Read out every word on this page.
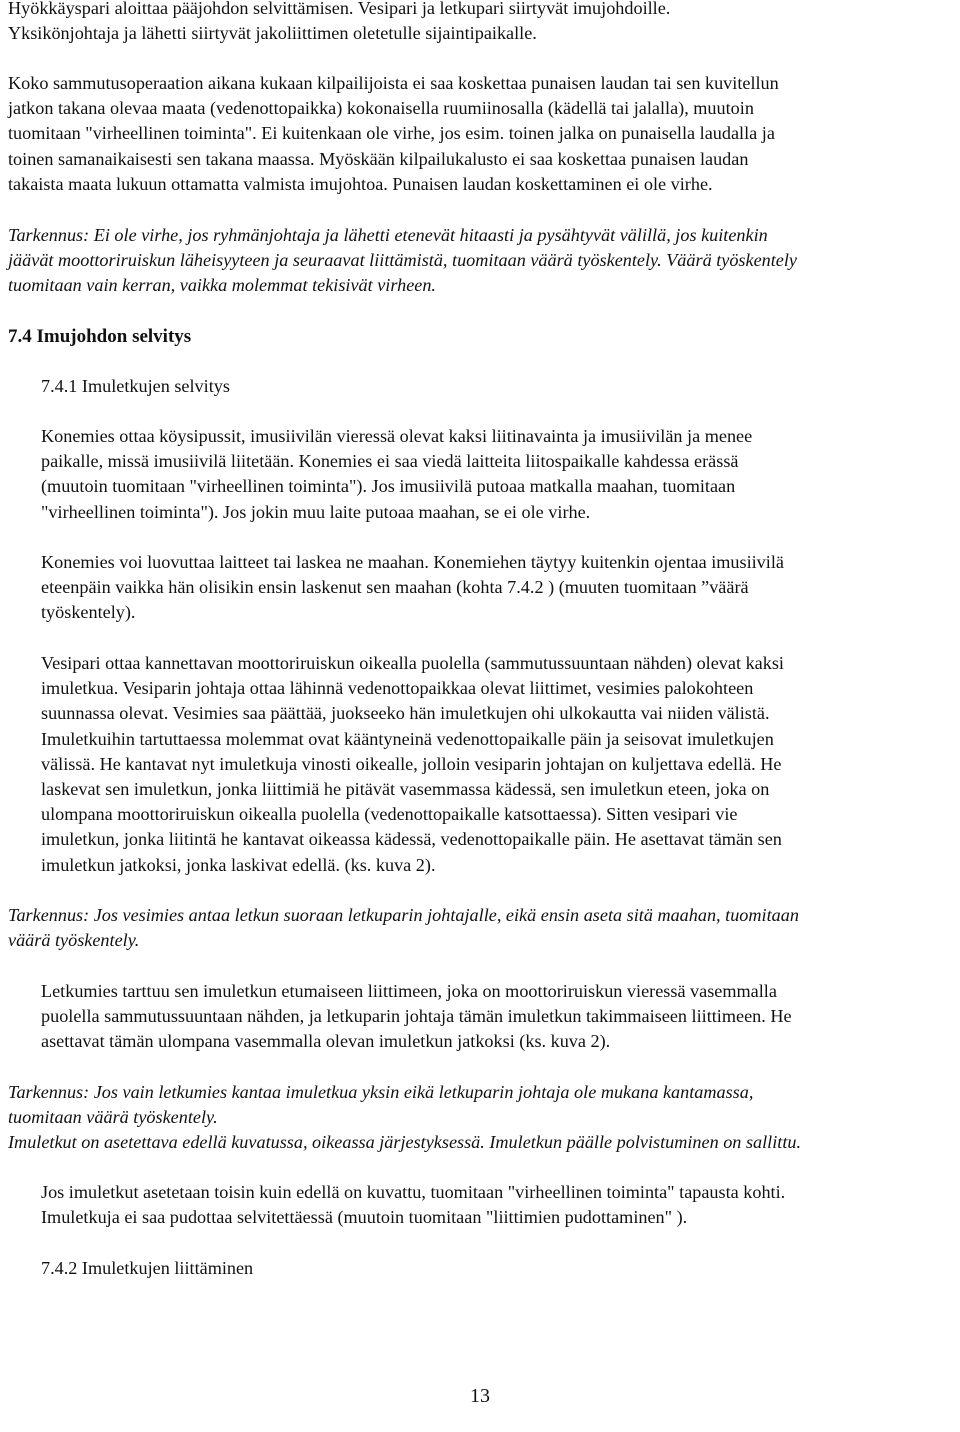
Hyökkäyspari aloittaa pääjohdon selvittämisen. Vesipari ja letkupari siirtyvät imujohdoille.
Yksikönjohtaja ja lähetti siirtyvät jakoliittimen oletetulle sijaintipaikalle.
Koko sammutusoperaation aikana kukaan kilpailijoista ei saa koskettaa punaisen laudan tai sen kuvitellun
jatkon takana olevaa maata (vedenottopaikka) kokonaisella ruumiinosalla (kädellä tai jalalla), muutoin
tuomitaan "virheellinen toiminta". Ei kuitenkaan ole virhe, jos esim. toinen jalka on punaisella laudalla ja
toinen samanaikaisesti sen takana maassa. Myöskään kilpailukalusto ei saa koskettaa punaisen laudan
takaista maata lukuun ottamatta valmista imujohtoa. Punaisen laudan koskettaminen ei ole virhe.
Tarkennus: Ei ole virhe, jos ryhmänjohtaja ja lähetti etenevät hitaasti ja pysähtyvät välillä, jos kuitenkin
jäävät moottoriruiskun läheisyyteen ja seuraavat liittämistä, tuomitaan väärä työskentely. Väärä työskentely
tuomitaan vain kerran, vaikka molemmat tekisivät virheen.
7.4 Imujohdon selvitys
7.4.1 Imuletkujen selvitys
Konemies ottaa köysipussit, imusiivilän vieressä olevat kaksi liitinavainta ja imusiivilän ja menee
paikalle, missä imusiivilä liitetään. Konemies ei saa viedä laitteita liitospaikalle kahdessa erässä
(muutoin tuomitaan "virheellinen toiminta"). Jos imusiivilä putoaa matkalla maahan, tuomitaan
"virheellinen toiminta"). Jos jokin muu laite putoaa maahan, se ei ole virhe.
Konemies voi luovuttaa laitteet tai laskea ne maahan. Konemiehen täytyy kuitenkin ojentaa imusiivilä
eteenpäin vaikka hän olisikin ensin laskenut sen maahan (kohta 7.4.2 ) (muuten tuomitaan ”väärä
työskentely).
Vesipari ottaa kannettavan moottoriruiskun oikealla puolella (sammutussuuntaan nähden) olevat kaksi
imuletkua. Vesiparin johtaja ottaa lähinnä vedenottopaikkaa olevat liittimet, vesimies palokohteen
suunnassa olevat. Vesimies saa päättää, juokseeko hän imuletkujen ohi ulkokautta vai niiden välistä.
Imuletkuihin tartuttaessa molemmat ovat kääntyneinä vedenottopaikalle päin ja seisovat imuletkujen
välissä. He kantavat nyt imuletkuja vinosti oikealle, jolloin vesiparin johtajan on kuljettava edellä. He
laskevat sen imuletkun, jonka liittimiä he pitävät vasemmassa kädessä, sen imuletkun eteen, joka on
ulompana moottoriruiskun oikealla puolella (vedenottopaikalle katsottaessa). Sitten vesipari vie
imuletkun, jonka liitintä he kantavat oikeassa kädessä, vedenottopaikalle päin. He asettavat tämän sen
imuletkun jatkoksi, jonka laskivat edellä. (ks. kuva 2).
Tarkennus: Jos vesimies antaa letkun suoraan letkuparin johtajalle, eikä ensin aseta sitä maahan, tuomitaan
väärä työskentely.
Letkumies tarttuu sen imuletkun etumaiseen liittimeen, joka on moottoriruiskun vieressä vasemmalla
puolella sammutussuuntaan nähden, ja letkuparin johtaja tämän imuletkun takimmaiseen liittimeen. He
asettavat tämän ulompana vasemmalla olevan imuletkun jatkoksi (ks. kuva 2).
Tarkennus: Jos vain letkumies kantaa imuletkua yksin eikä letkuparin johtaja ole mukana kantamassa,
tuomitaan väärä työskentely.
Imuletkut on asetettava edellä kuvatussa, oikeassa järjestyksessä. Imuletkun päälle polvistuminen on sallittu.
Jos imuletkut asetetaan toisin kuin edellä on kuvattu, tuomitaan "virheellinen toiminta" tapausta kohti.
Imuletkuja ei saa pudottaa selvitettäessä (muutoin tuomitaan "liittimien pudottaminen" ).
7.4.2 Imuletkujen liittäminen
13
